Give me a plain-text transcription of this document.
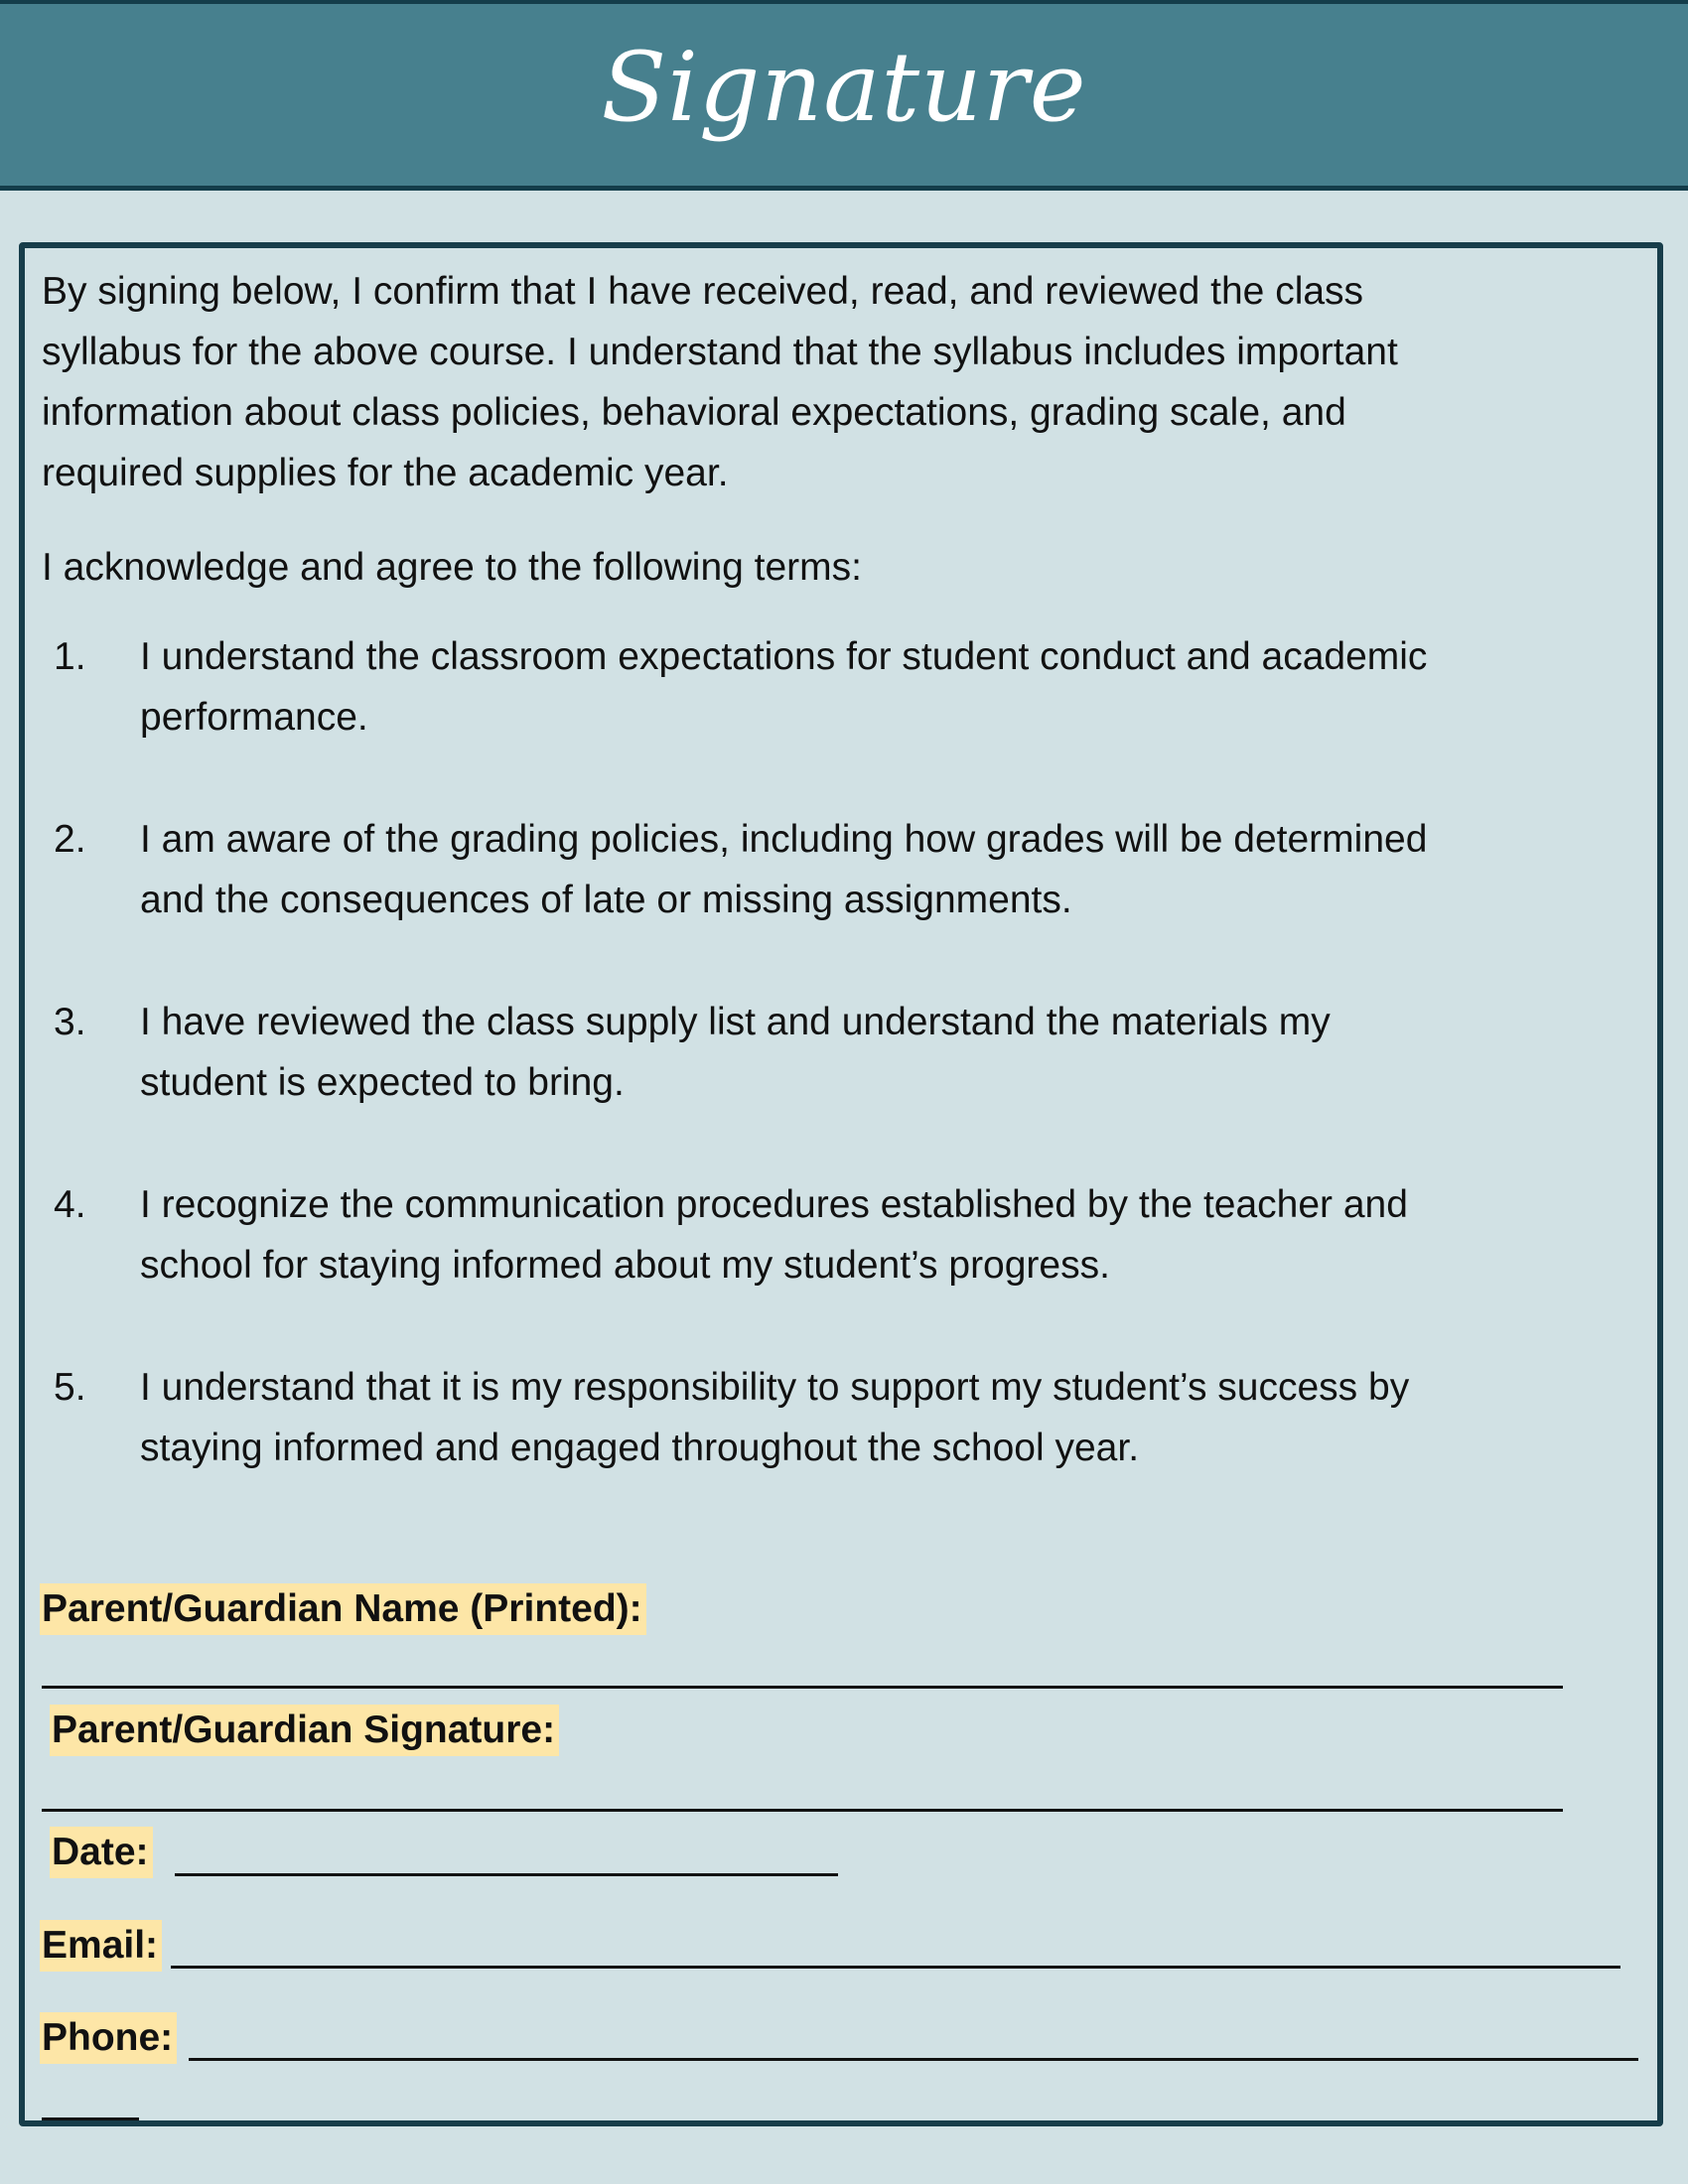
Signature

By signing below, I confirm that I have received, read, and reviewed the class

syllabus for the above course. I understand that the syllabus includes important

information about class policies, behavioral expectations, grading scale, and

required supplies for the academic year.

I acknowledge and agree to the following terms:

1. I understand the classroom expectations for student conduct and academic
performance.
2. I am aware of the grading policies, including how grades will be determined
and the consequences of late or missing assignments.
3. I have reviewed the class supply list and understand the materials my
student is expected to bring.
4. I recognize the communication procedures established by the teacher and
school for staying informed about my student’s progress.
5. I understand that it is my responsibility to support my student’s success by
staying informed and engaged throughout the school year.
Parent/Guardian Name (Printed):
Parent/Guardian Signature:
Date:
Email:
Phone:
